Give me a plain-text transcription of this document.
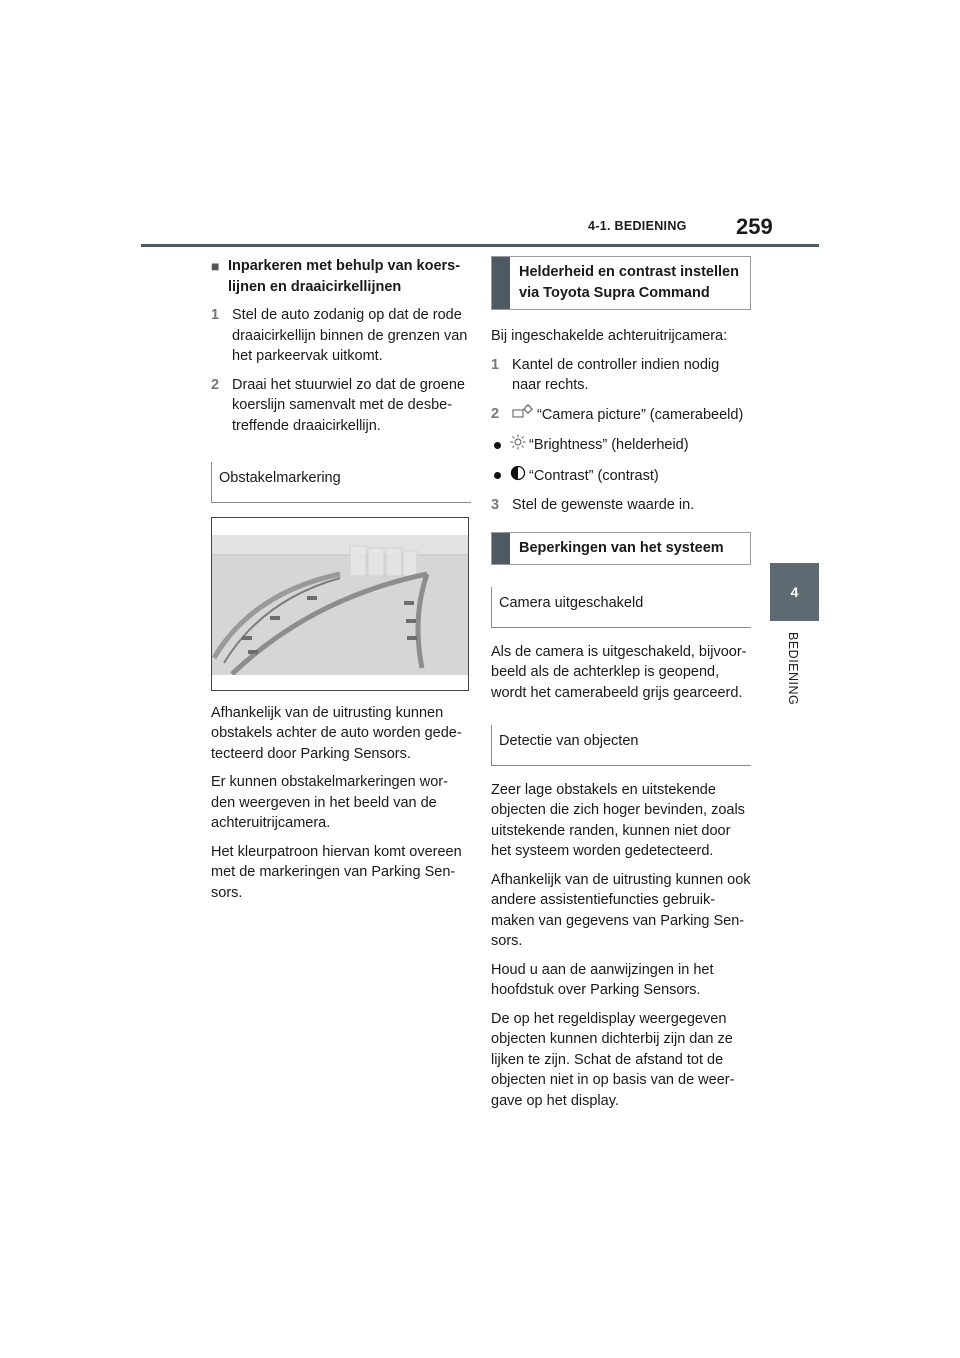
4-1. BEDIENING 259
4
BEDIENING
■ Inparkeren met behulp van koers-lijnen en draaicirkellijnen
1 Stel de auto zodanig op dat de rode draaicirkellijn binnen de grenzen van het parkeervak uitkomt.
2 Draai het stuurwiel zo dat de groene koerslijn samenvalt met de desbe-treffende draaicirkellijn.
Obstakelmarkering

Afhankelijk van de uitrusting kunnen obstakels achter de auto worden gede-tecteerd door Parking Sensors.

Er kunnen obstakelmarkeringen wor-den weergeven in het beeld van de achteruitrijcamera.

Het kleurpatroon hiervan komt overeen met de markeringen van Parking Sen-sors.

Helderheid en contrast instellen via Toyota Supra Command

Bij ingeschakelde achteruitrijcamera:

1 Kantel de controller indien nodig naar rechts.
2	“Camera picture” (camerabeeld)
“Brightness” (helderheid)
“Contrast” (contrast)
3 Stel de gewenste waarde in.
Beperkingen van het systeem
Camera uitgeschakeld

Als de camera is uitgeschakeld, bijvoor-beeld als de achterklep is geopend, wordt het camerabeeld grijs gearceerd.

Detectie van objecten

Zeer lage obstakels en uitstekende objecten die zich hoger bevinden, zoals uitstekende randen, kunnen niet door het systeem worden gedetecteerd.

Afhankelijk van de uitrusting kunnen ook andere assistentiefuncties gebruik-maken van gegevens van Parking Sen-sors.

Houd u aan de aanwijzingen in het hoofdstuk over Parking Sensors.

De op het regeldisplay weergegeven objecten kunnen dichterbij zijn dan ze lijken te zijn. Schat de afstand tot de objecten niet in op basis van de weer-gave op het display.
